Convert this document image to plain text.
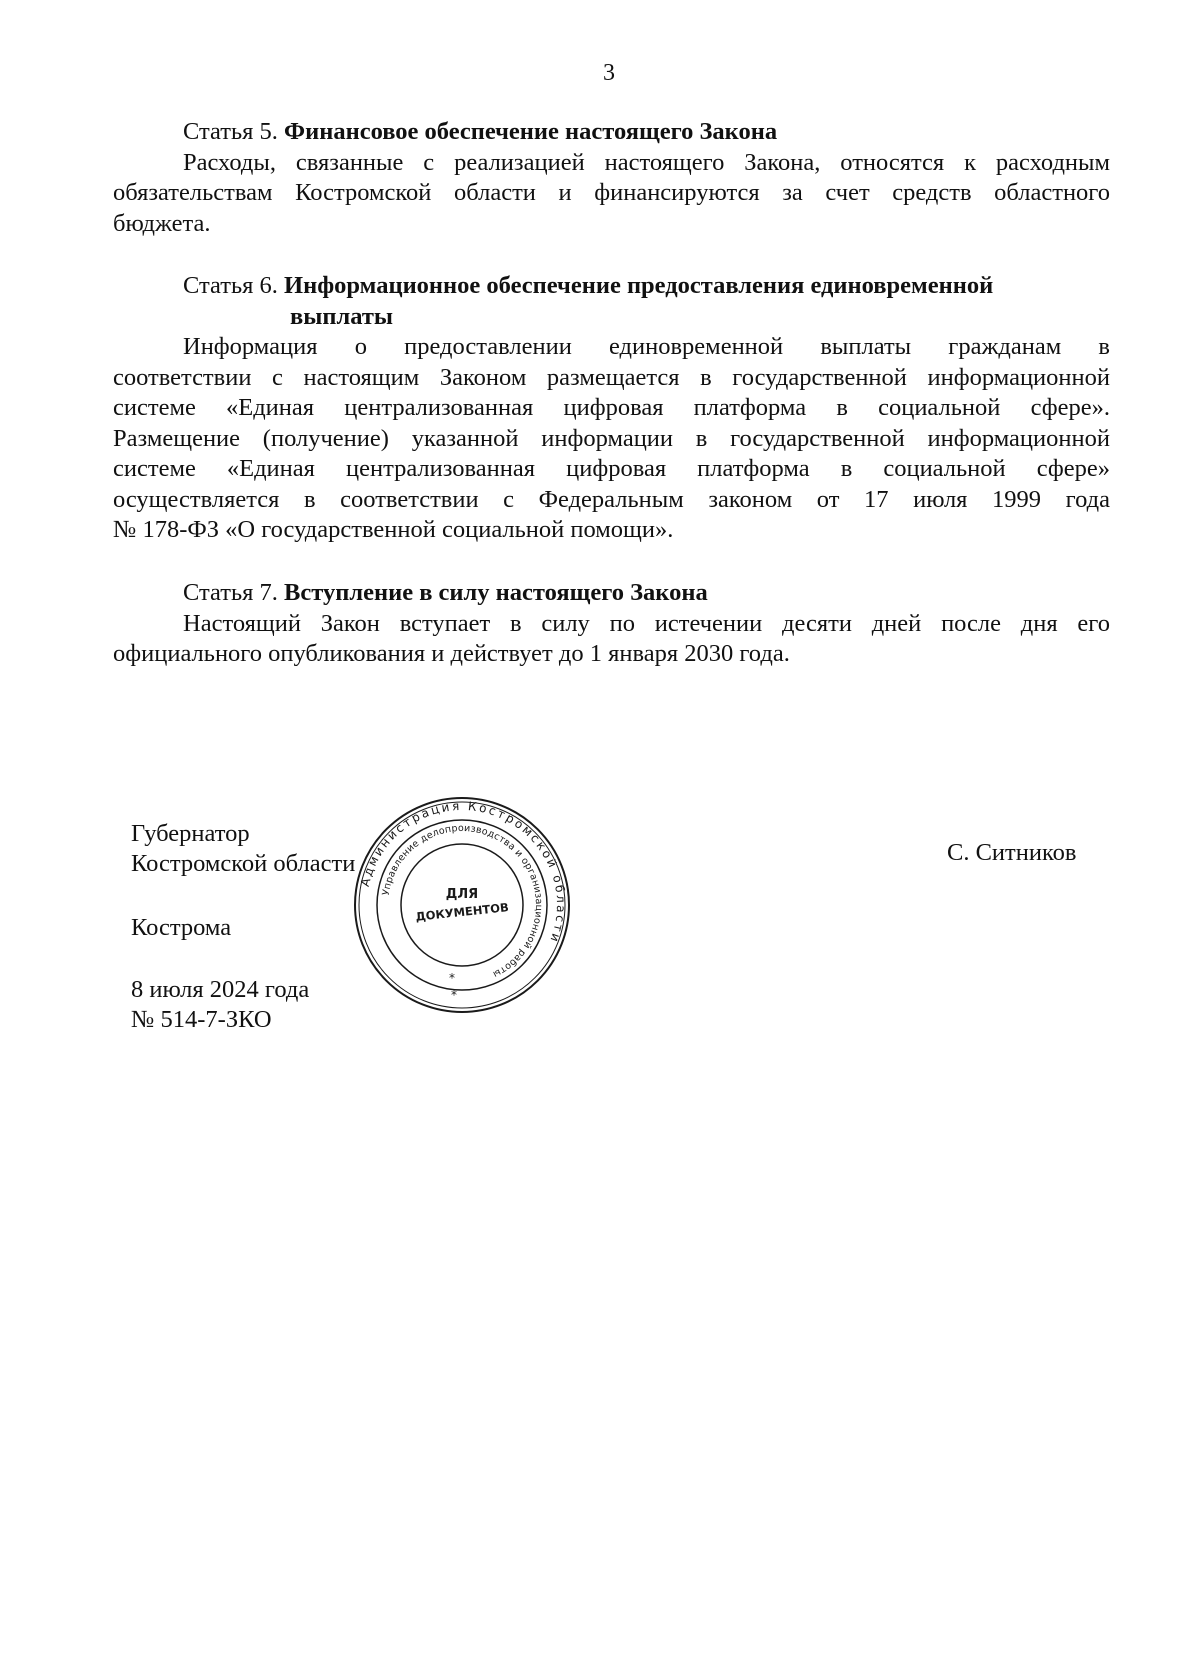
3

Статья 5. Финансовое обеспечение настоящего Закона

Расходы, связанные с реализацией настоящего Закона, относятся к расходным
обязательствам Костромской области и финансируются за счет средств областного
бюджета.

Статья 6. Информационное обеспечение предоставления единовременной
выплаты

Информация о предоставлении единовременной выплаты гражданам в
соответствии с настоящим Законом размещается в государственной информационной
системе «Единая централизованная цифровая платформа в социальной сфере».
Размещение (получение) указанной информации в государственной информационной
системе «Единая централизованная цифровая платформа в социальной сфере»
осуществляется в соответствии с Федеральным законом от 17 июля 1999 года
№ 178-ФЗ «О государственной социальной помощи».

Статья 7. Вступление в силу настоящего Закона

Настоящий Закон вступает в силу по истечении десяти дней после дня его
официального опубликования и действует до 1 января 2030 года.

Губернатор
Костромской области
Кострома
8 июля 2024 года
№ 514-7-ЗКО
С. Ситников
Администрация Костромской области
Управление делопроизводства и организационной работы
ДЛЯ
ДОКУМЕНТОВ
*
*
